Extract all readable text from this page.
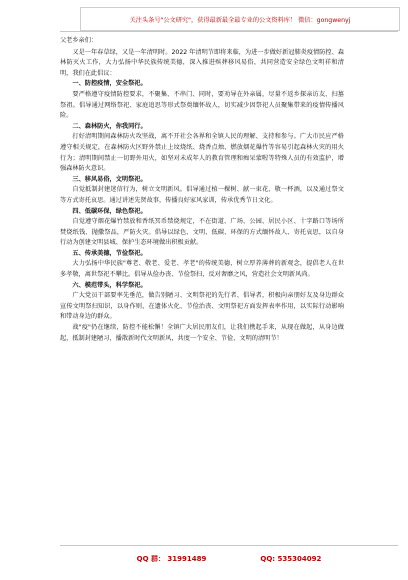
关注头条号"公文研究"，获得最新最全最专业的公文资料库！ 微信：gongwenyj

父老乡亲们：

又是一年春草绿，又是一年清明时。2022 年清明节即将来临，为进一步做好新冠肺炎疫情防控、森林防灭火工作，大力弘扬中华民族传统美德，深入推进殡葬移风易俗，共同营造安全绿色文明祥和清明，我们在此倡议：

一、防控疫情，安全祭祀。

要严格遵守疫情防控要求，不聚集、不串门、同时，要劝导在外亲属，尽量不返乡探亲访友、扫墓祭祖。倡导通过网络祭祀、家庭追思等形式祭奠缅怀故人，切实减少因祭祀人员聚集带来的疫情传播风险。

二、森林防火，你我同行。

打好清明期间森林防火攻坚战，离不开社会各界和全镇人民的理解、支持和参与。广大市民应严格遵守相关规定，在森林防火区野外禁止上坟烧纸、烧香点烛、燃放烟花爆竹等容易引起森林火灾的用火行为；清明期间禁止一切野外用火，如坚对未成年人的教育管理和痴呆蒙喔等特殊人员的有效监护，增强森林防火意识。

三、移风易俗，文明祭祀。

自觉抵制封建迷信行为，树立文明新风。倡导通过植一棵树、献一束花、敬一杯酒，以及通过祭文等方式寄托哀思。通过讲述先贤故事，传播良好家风家训，传承优秀节日文化。

四、低碳环保，绿色祭祀。

自觉遵守烟花爆竹禁放和香纸冥币禁烧规定，不在街道、广场、公园、居民小区、十字路口等场所焚烧纸钱、抛撒祭品，严防火灾。倡导以绿色、文明、低碳、环保的方式缅怀故人、寄托哀思，以自身行动为创建文明县城、保护生态环境做出积极贡献。

五、传承美德，节俭祭祀。

大力弘扬中华民族"尊老、敬老、爱老、孝老"的传统美德，树立厚养薄葬的新观念，提倡老人在世多孝敬，离世祭祀不攀比。倡导从俭办丧、节俭祭扫，反对奢靡之风，营造社会文明新风尚。

六、模范带头，科学祭祀。

广大党员干部要率先垂范，做告别陋习、文明祭祀的先行者、倡导者，积极向亲朋好友及身边群众宣传文明祭扫知识，以身作则，在遗体火化、节俭治丧、文明祭祀方面发挥表率作用，以实际行动影响和带动身边的群众。

战"疫"仍在继续，防控不能松懈！全镇广大居民朋友们，让我们携起手来，从现在做起，从身边做起，抵制封建陋习，播散新时代文明新风，共度一个安全、节俭、文明的清明节！

QQ 群： 31991489	QQ: 535304092
